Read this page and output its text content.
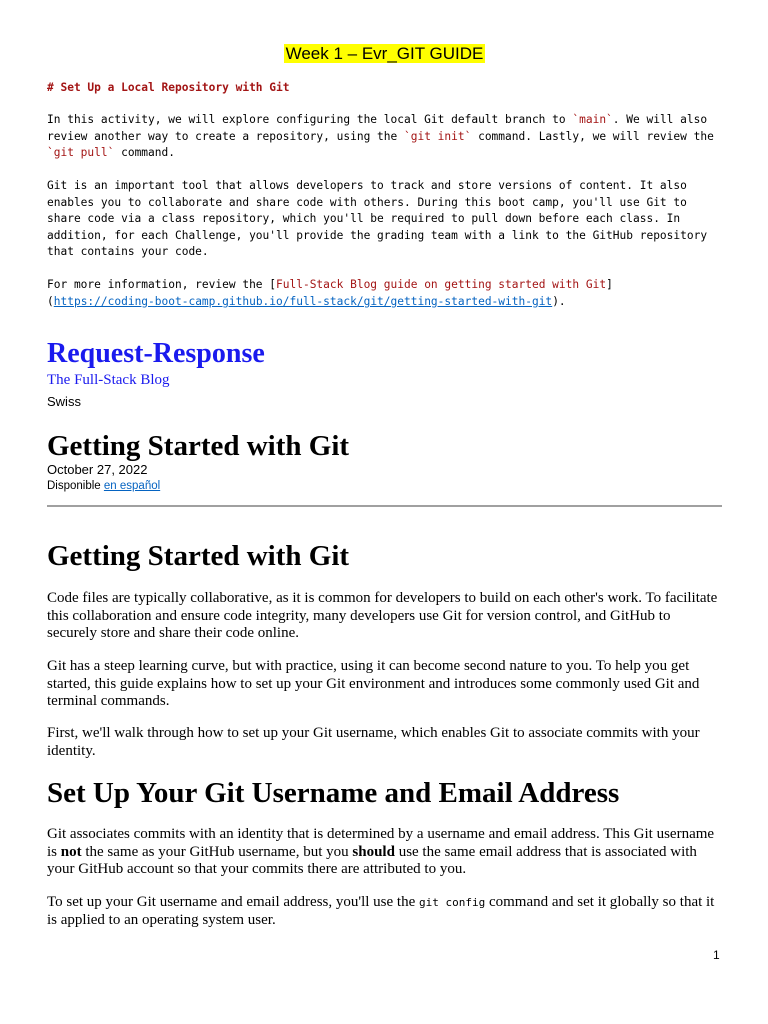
Week 1 – Evr_GIT GUIDE

# Set Up a Local Repository with Git

In this activity, we will explore configuring the local Git default branch to `main`. We will also review another way to create a repository, using the `git init` command. Lastly, we will review the `git pull` command.

Git is an important tool that allows developers to track and store versions of content. It also enables you to collaborate and share code with others. During this boot camp, you'll use Git to share code via a class repository, which you'll be required to pull down before each class. In addition, for each Challenge, you'll provide the grading team with a link to the GitHub repository that contains your code.

For more information, review the [Full-Stack Blog guide on getting started with Git] (https://coding-boot-camp.github.io/full-stack/git/getting-started-with-git).

Request-Response

The Full-Stack Blog

Swiss

Getting Started with Git

October 27, 2022

Disponible en español

Getting Started with Git

Code files are typically collaborative, as it is common for developers to build on each other's work. To facilitate this collaboration and ensure code integrity, many developers use Git for version control, and GitHub to securely store and share their code online.

Git has a steep learning curve, but with practice, using it can become second nature to you. To help you get started, this guide explains how to set up your Git environment and introduces some commonly used Git and terminal commands.

First, we'll walk through how to set up your Git username, which enables Git to associate commits with your identity.

Set Up Your Git Username and Email Address

Git associates commits with an identity that is determined by a username and email address. This Git username is not the same as your GitHub username, but you should use the same email address that is associated with your GitHub account so that your commits there are attributed to you.

To set up your Git username and email address, you'll use the git config command and set it globally so that it is applied to an operating system user.

1
